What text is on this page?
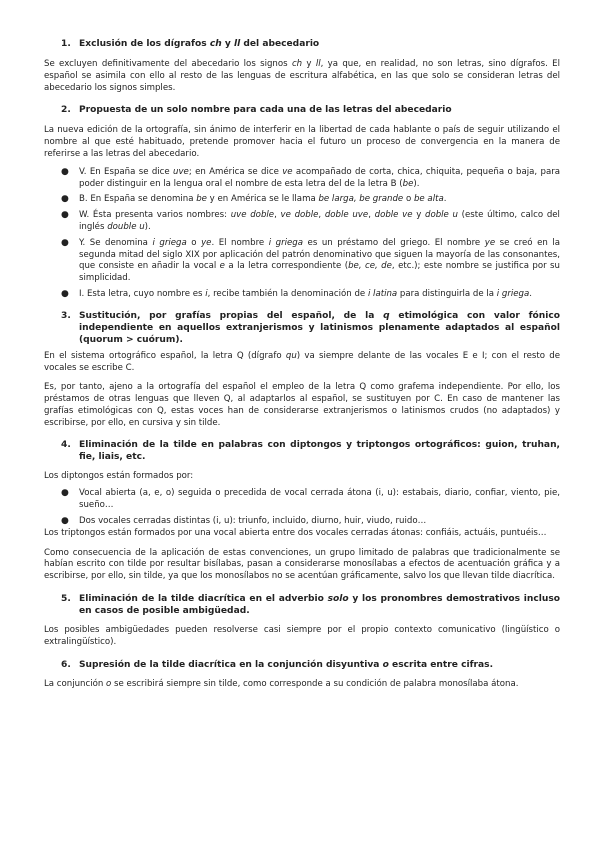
1. Exclusión de los dígrafos ch y ll del abecedario

Se excluyen definitivamente del abecedario los signos ch y ll, ya que, en realidad, no son letras, sino dígrafos. El español se asimila con ello al resto de las lenguas de escritura alfabética, en las que solo se consideran letras del abecedario los signos simples.

2. Propuesta de un solo nombre para cada una de las letras del abecedario

La nueva edición de la ortografía, sin ánimo de interferir en la libertad de cada hablante o país de seguir utilizando el nombre al que esté habituado, pretende promover hacia el futuro un proceso de convergencia en la manera de referirse a las letras del abecedario.

●	V. En España se dice uve; en América se dice ve acompañado de corta, chica, chiquita, pequeña o baja, para poder distinguir en la lengua oral el nombre de esta letra del de la letra B (be).
●	B. En España se denomina be y en América se le llama be larga, be grande o be alta.
●	W. Ésta presenta varios nombres: uve doble, ve doble, doble uve, doble ve y doble u (este último, calco del inglés double u).
●	Y. Se denomina i griega o ye. El nombre i griega es un préstamo del griego. El nombre ye se creó en la segunda mitad del siglo XIX por aplicación del patrón denominativo que siguen la mayoría de las consonantes, que consiste en añadir la vocal e a la letra correspondiente (be, ce, de, etc.); este nombre se justifica por su simplicidad.
●	I. Esta letra, cuyo nombre es i, recibe también la denominación de i latina para distinguirla de la i griega.
3. Sustitución, por grafías propias del español, de la q etimológica con valor fónico independiente en aquellos extranjerismos y latinismos plenamente adaptados al español (quorum > cuórum).

En el sistema ortográfico español, la letra Q (dígrafo qu) va siempre delante de las vocales E e I; con el resto de vocales se escribe C.

Es, por tanto, ajeno a la ortografía del español el empleo de la letra Q como grafema independiente. Por ello, los préstamos de otras lenguas que lleven Q, al adaptarlos al español, se sustituyen por C. En caso de mantener las grafías etimológicas con Q, estas voces han de considerarse extranjerismos o latinismos crudos (no adaptados) y escribirse, por ello, en cursiva y sin tilde.

4. Eliminación de la tilde en palabras con diptongos y triptongos ortográficos: guion, truhan, fie, liais, etc.

Los diptongos están formados por:

●	Vocal abierta (a, e, o) seguida o precedida de vocal cerrada átona (i, u): estabais, diario, confiar, viento, pie, sueño…
●	Dos vocales cerradas distintas (i, u): triunfo, incluido, diurno, huir, viudo, ruido…

Los triptongos están formados por una vocal abierta entre dos vocales cerradas átonas: confiáis, actuáis, puntuéis…

Como consecuencia de la aplicación de estas convenciones, un grupo limitado de palabras que tradicionalmente se habían escrito con tilde por resultar bisílabas, pasan a considerarse monosílabas a efectos de acentuación gráfica y a escribirse, por ello, sin tilde, ya que los monosílabos no se acentúan gráficamente, salvo los que llevan tilde diacrítica.

5. Eliminación de la tilde diacrítica en el adverbio solo y los pronombres demostrativos incluso en casos de posible ambigüedad.

Los posibles ambigüedades pueden resolverse casi siempre por el propio contexto comunicativo (lingüístico o extralingüístico).

6. Supresión de la tilde diacrítica en la conjunción disyuntiva o escrita entre cifras.

La conjunción o se escribirá siempre sin tilde, como corresponde a su condición de palabra monosílaba átona.
